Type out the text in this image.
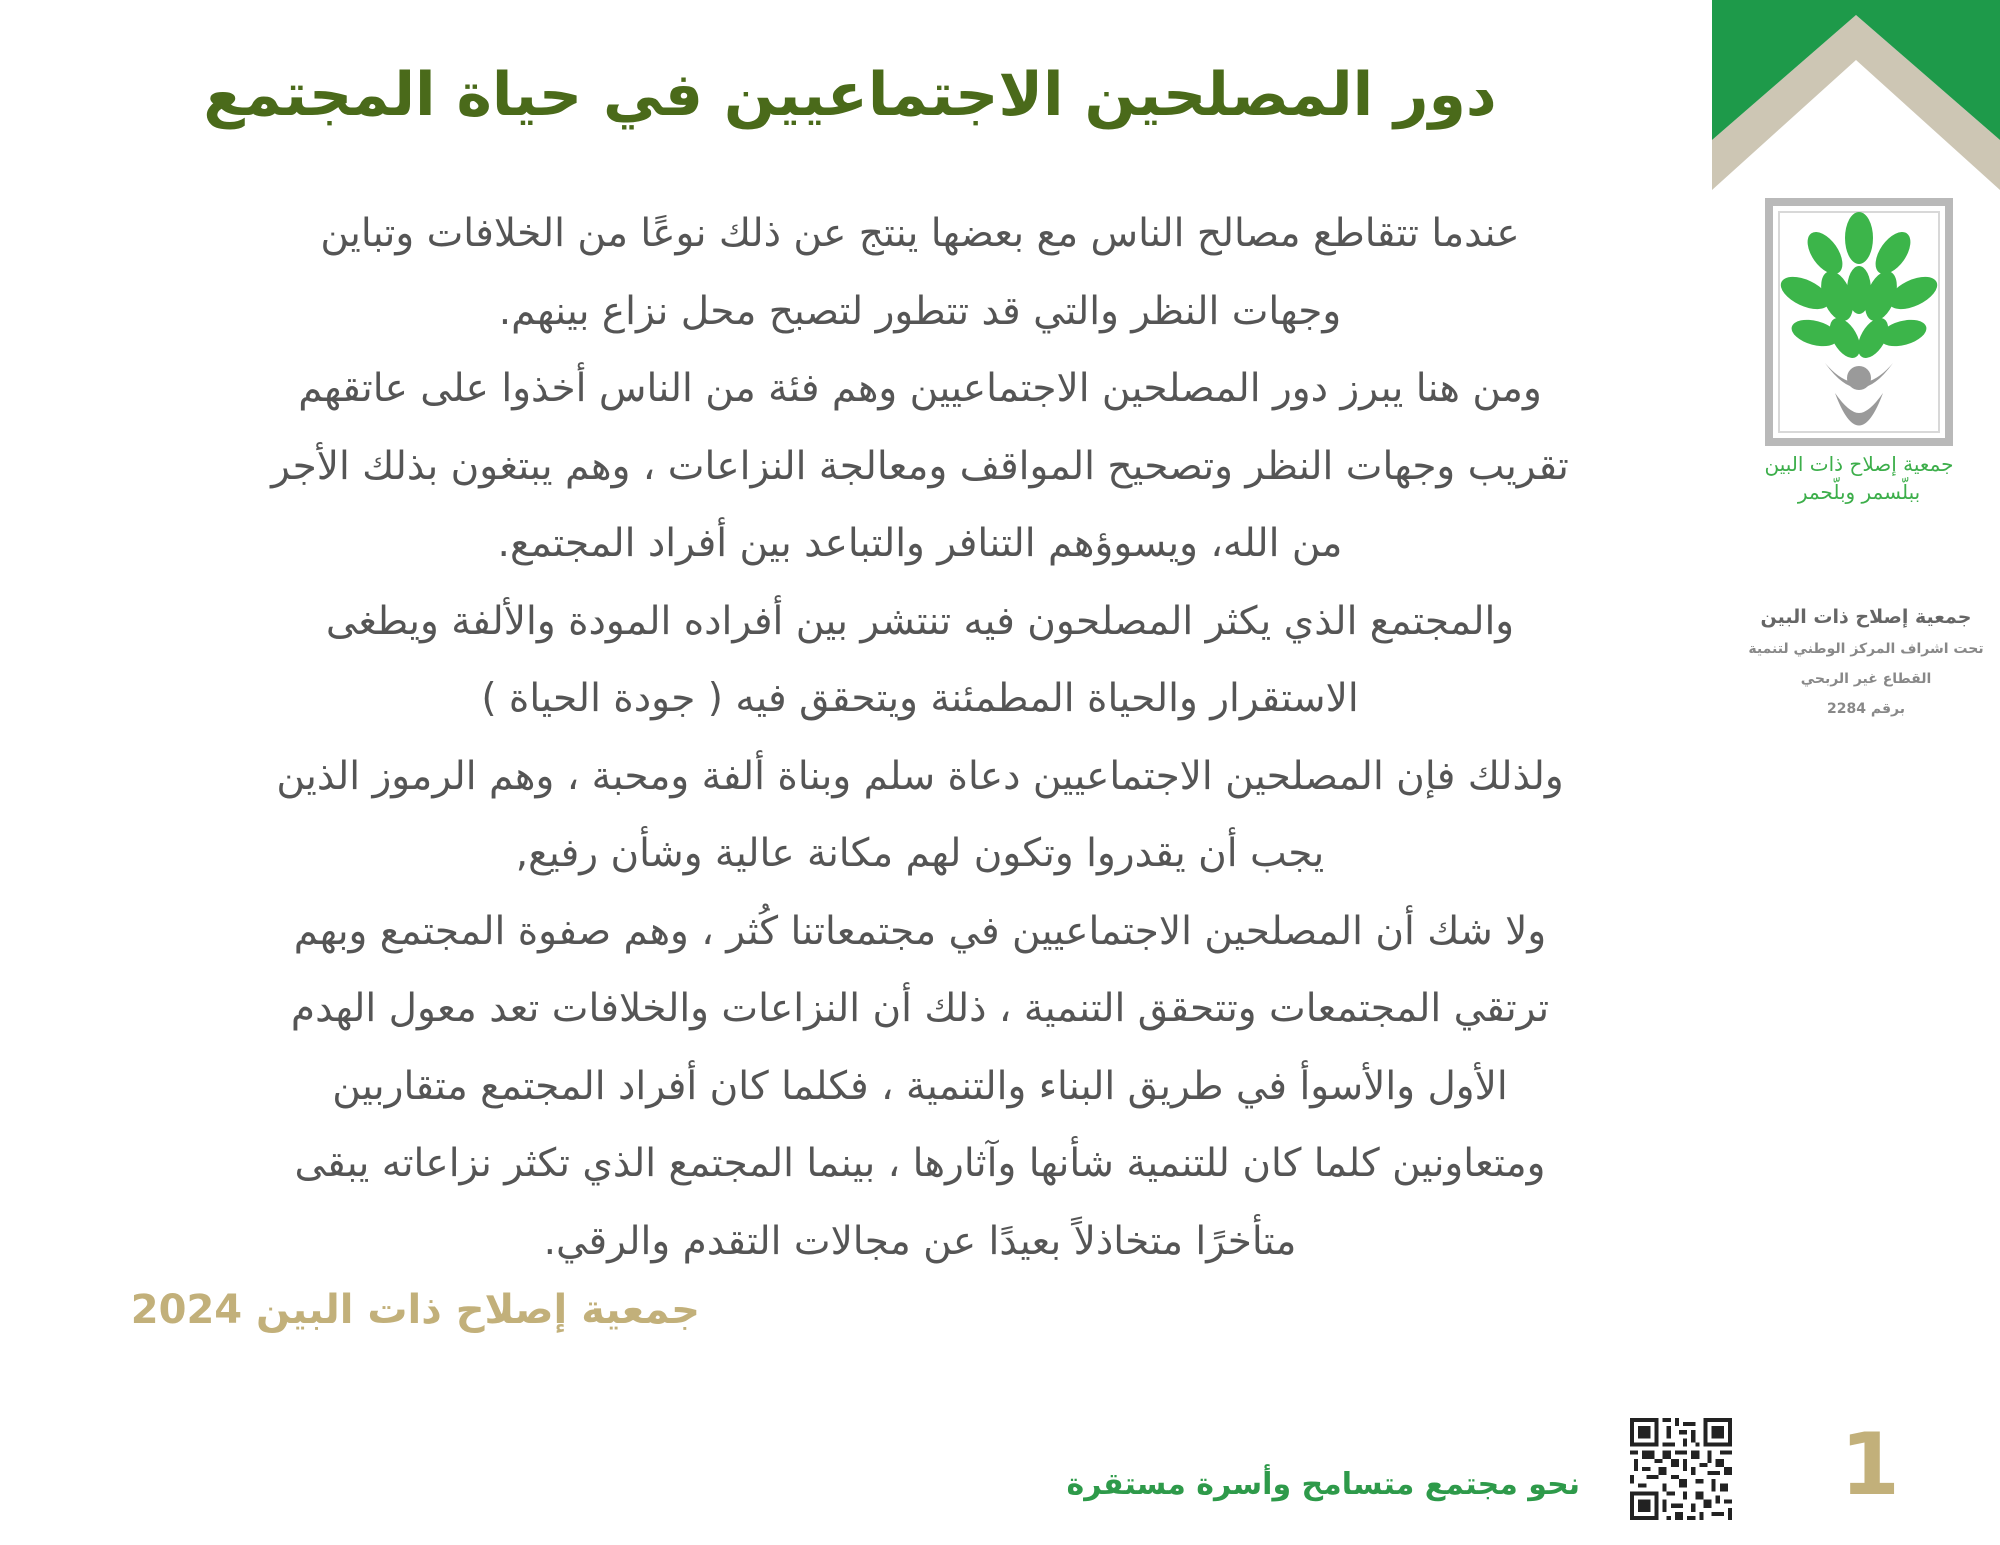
دور المصلحين الاجتماعيين في حياة المجتمع
عندما تتقاطع مصالح الناس مع بعضها ينتج عن ذلك نوعًا من الخلافات وتباين
وجهات النظر والتي قد تتطور لتصبح محل نزاع بينهم.
ومن هنا يبرز دور المصلحين الاجتماعيين وهم فئة من الناس أخذوا على عاتقهم
تقريب وجهات النظر وتصحيح المواقف ومعالجة النزاعات ، وهم يبتغون بذلك الأجر
من الله، ويسوؤهم التنافر والتباعد بين أفراد المجتمع.
والمجتمع الذي يكثر المصلحون فيه تنتشر بين أفراده المودة والألفة ويطغى
الاستقرار والحياة المطمئنة ويتحقق فيه ( جودة الحياة )
ولذلك فإن المصلحين الاجتماعيين دعاة سلم وبناة ألفة ومحبة ، وهم الرموز الذين
يجب أن يقدروا وتكون لهم مكانة عالية وشأن رفيع,
ولا شك أن المصلحين الاجتماعيين في مجتمعاتنا كُثر ، وهم صفوة المجتمع وبهم
ترتقي المجتمعات وتتحقق التنمية ، ذلك أن النزاعات والخلافات تعد معول الهدم
الأول والأسوأ في طريق البناء والتنمية ، فكلما كان أفراد المجتمع متقاربين
ومتعاونين كلما كان للتنمية شأنها وآثارها ، بينما المجتمع الذي تكثر نزاعاته يبقى
متأخرًا متخاذلاً بعيدًا عن مجالات التقدم والرقي.
جمعية إصلاح ذات البين 2024
نحو مجتمع متسامح وأسرة مستقرة	1
جمعية إصلاح ذات البين
ببلّسمر وبلّحمر
جمعية إصلاح ذات البين
تحت اشراف المركز الوطني لتنمية
القطاع غير الربحي
برقم 2284
